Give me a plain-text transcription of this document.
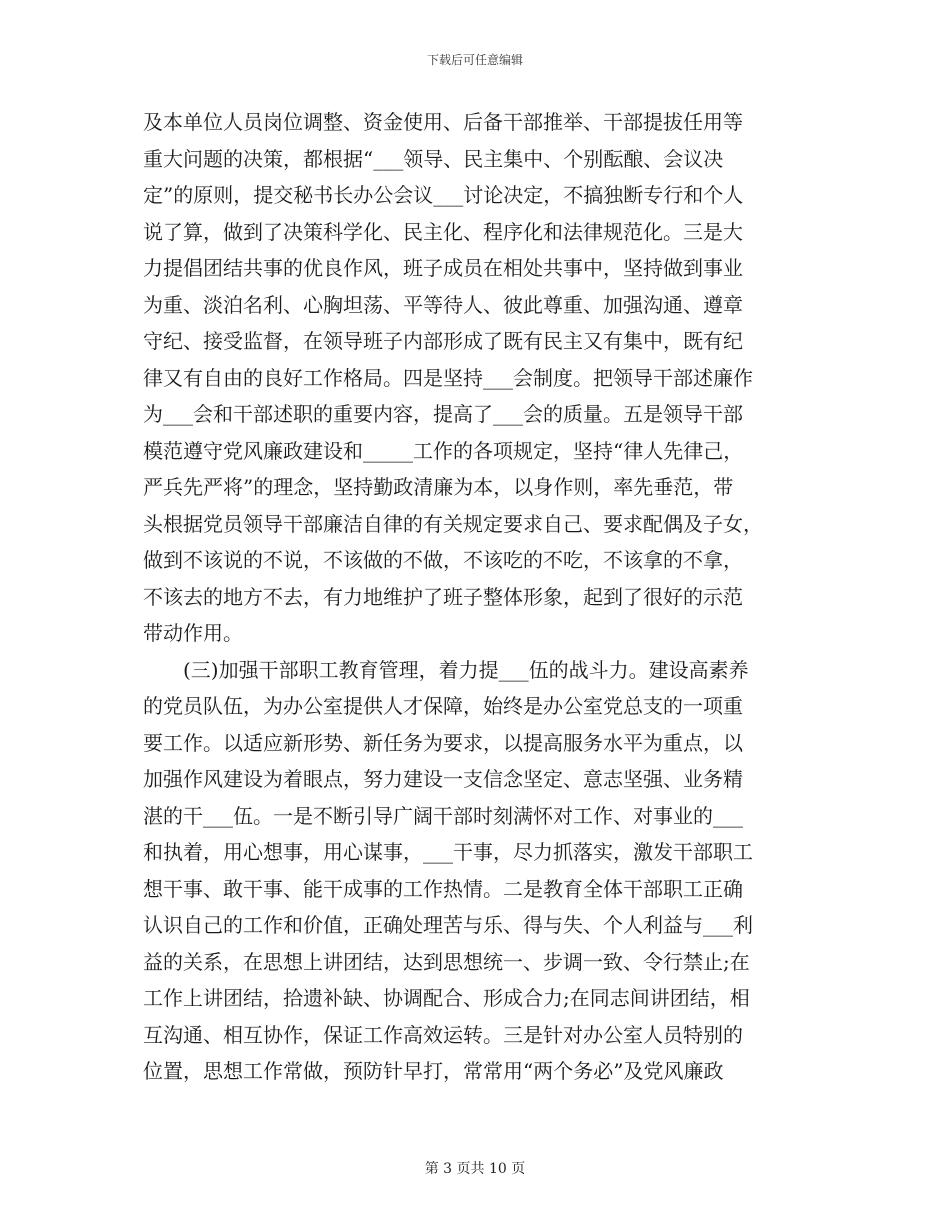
下载后可任意编辑
及本单位人员岗位调整、资金使用、后备干部推举、干部提拔任用等
重大问题的决策，都根据“___领导、民主集中、个别酝酿、会议决
定”的原则，提交秘书长办公会议___讨论决定，不搞独断专行和个人
说了算，做到了决策科学化、民主化、程序化和法律规范化。三是大
力提倡团结共事的优良作风，班子成员在相处共事中，坚持做到事业
为重、淡泊名利、心胸坦荡、平等待人、彼此尊重、加强沟通、遵章
守纪、接受监督，在领导班子内部形成了既有民主又有集中，既有纪
律又有自由的良好工作格局。四是坚持___会制度。把领导干部述廉作
为___会和干部述职的重要内容，提高了___会的质量。五是领导干部
模范遵守党风廉政建设和_____工作的各项规定，坚持“律人先律己，
严兵先严将”的理念，坚持勤政清廉为本，以身作则，率先垂范，带
头根据党员领导干部廉洁自律的有关规定要求自己、要求配偶及子女，
做到不该说的不说，不该做的不做，不该吃的不吃，不该拿的不拿，
不该去的地方不去，有力地维护了班子整体形象，起到了很好的示范
带动作用。
　　(三)加强干部职工教育管理，着力提___伍的战斗力。建设高素养
的党员队伍，为办公室提供人才保障，始终是办公室党总支的一项重
要工作。以适应新形势、新任务为要求，以提高服务水平为重点，以
加强作风建设为着眼点，努力建设一支信念坚定、意志坚强、业务精
湛的干___伍。一是不断引导广阔干部时刻满怀对工作、对事业的___
和执着，用心想事，用心谋事，___干事，尽力抓落实，激发干部职工
想干事、敢干事、能干成事的工作热情。二是教育全体干部职工正确
认识自己的工作和价值，正确处理苦与乐、得与失、个人利益与___利
益的关系，在思想上讲团结，达到思想统一、步调一致、令行禁止;在
工作上讲团结，拾遗补缺、协调配合、形成合力;在同志间讲团结，相
互沟通、相互协作，保证工作高效运转。三是针对办公室人员特别的
位置，思想工作常做，预防针早打，常常用“两个务必”及党风廉政
第 3 页共 10 页
